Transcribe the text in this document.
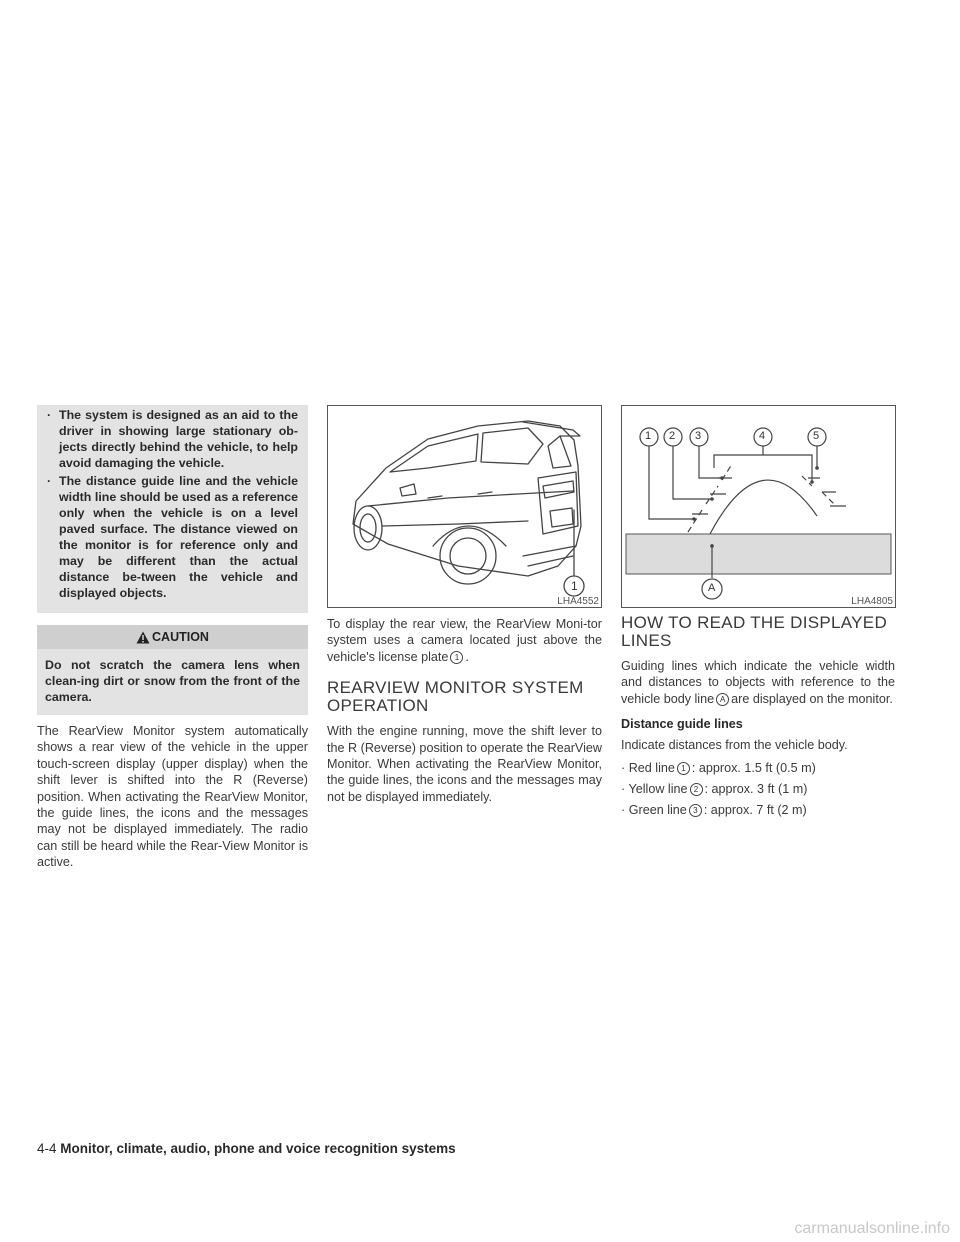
· The system is designed as an aid to the driver in showing large stationary ob-jects directly behind the vehicle, to help avoid damaging the vehicle.
· The distance guide line and the vehicle width line should be used as a reference only when the vehicle is on a level paved surface. The distance viewed on the monitor is for reference only and may be different than the actual distance be-tween the vehicle and displayed objects.
CAUTION
Do not scratch the camera lens when clean-ing dirt or snow from the front of the camera.

The RearView Monitor system automatically shows a rear view of the vehicle in the upper touch-screen display (upper display) when the shift lever is shifted into the R (Reverse) position. When activating the RearView Monitor, the guide lines, the icons and the messages may not be displayed immediately. The radio can still be heard while the Rear-View Monitor is active.

1
LHA4552

To display the rear view, the RearView Moni-tor system uses a camera located just above the vehicle's license plate 1 .

REARVIEW MONITOR SYSTEM OPERATION

With the engine running, move the shift lever to the R (Reverse) position to operate the RearView Monitor. When activating the RearView Monitor, the guide lines, the icons and the messages may not be displayed immediately.

1 2 3	4	5
A
LHA4805
HOW TO READ THE DISPLAYED LINES

Guiding lines which indicate the vehicle width and distances to objects with reference to the vehicle body line A are displayed on the monitor.

Distance guide lines

Indicate distances from the vehicle body.

· Red line 1 : approx. 1.5 ft (0.5 m)
· Yellow line 2 : approx. 3 ft (1 m)
· Green line 3 : approx. 7 ft (2 m)
4-4 Monitor, climate, audio, phone and voice recognition systems
carmanualsonline.info
